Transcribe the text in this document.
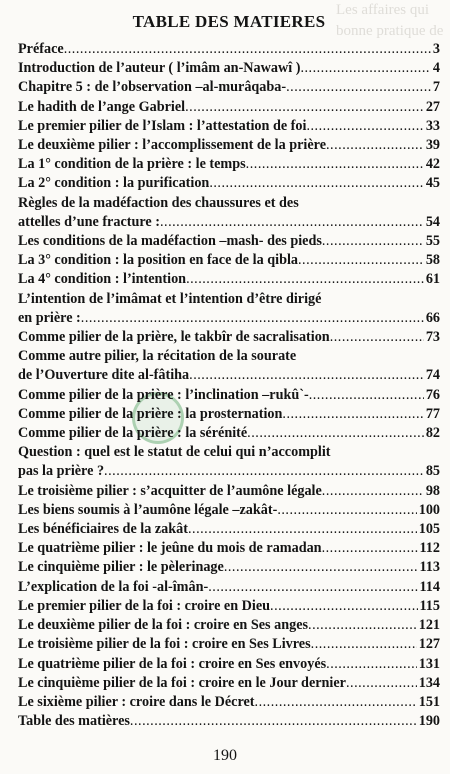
Les affaires qui
bonne pratique de
TABLE DES MATIERES
Préface .....	3
Introduction de l’auteur ( l’imâm an-Nawawî ) .....	4
Chapitre 5 : de l’observation –al-murâqaba- .....	7
Le hadith de l’ange Gabriel .....	27
Le premier pilier de l’Islam : l’attestation de foi .....	33
Le deuxième pilier : l’accomplissement de la prière .....	39
La 1° condition de la prière : le temps .....	42
La 2° condition : la purification .....	45
Règles de la madéfaction des chaussures et des
attelles d’une fracture : .....	54
Les conditions de la madéfaction –mash- des pieds .....	55
La 3° condition : la position en face de la qibla .....	58
La 4° condition : l’intention .....	61
L’intention de l’imâmat et l’intention d’être dirigé
en prière : .....	66
Comme pilier de la prière, le takbîr de sacralisation .....	73
Comme autre pilier, la récitation de la sourate
de l’Ouverture dite al-fâtiha .....	74
Comme pilier de la prière : l’inclination –rukû`- .....	76
Comme pilier de la prière : la prosternation .....	77
Comme pilier de la prière : la sérénité .....	82
Question : quel est le statut de celui qui n’accomplit
pas la prière ? .....	85
Le troisième pilier : s’acquitter de l’aumône légale .....	98
Les biens soumis à l’aumône légale –zakât- .....	100
Les bénéficiaires de la zakât .....	105
Le quatrième pilier : le jeûne du mois de ramadan .....	112
Le cinquième pilier : le pèlerinage .....	113
L’explication de la foi -al-îmân- .....	114
Le premier pilier de la foi : croire en Dieu .....	115
Le deuxième pilier de la foi : croire en Ses anges .....	121
Le troisième pilier de la foi : croire en Ses Livres .....	127
Le quatrième pilier de la foi : croire en Ses envoyés .....	131
Le cinquième pilier de la foi : croire en le Jour dernier .....	134
Le sixième pilier : croire dans le Décret .....	151
Table des matières .....	190
190
